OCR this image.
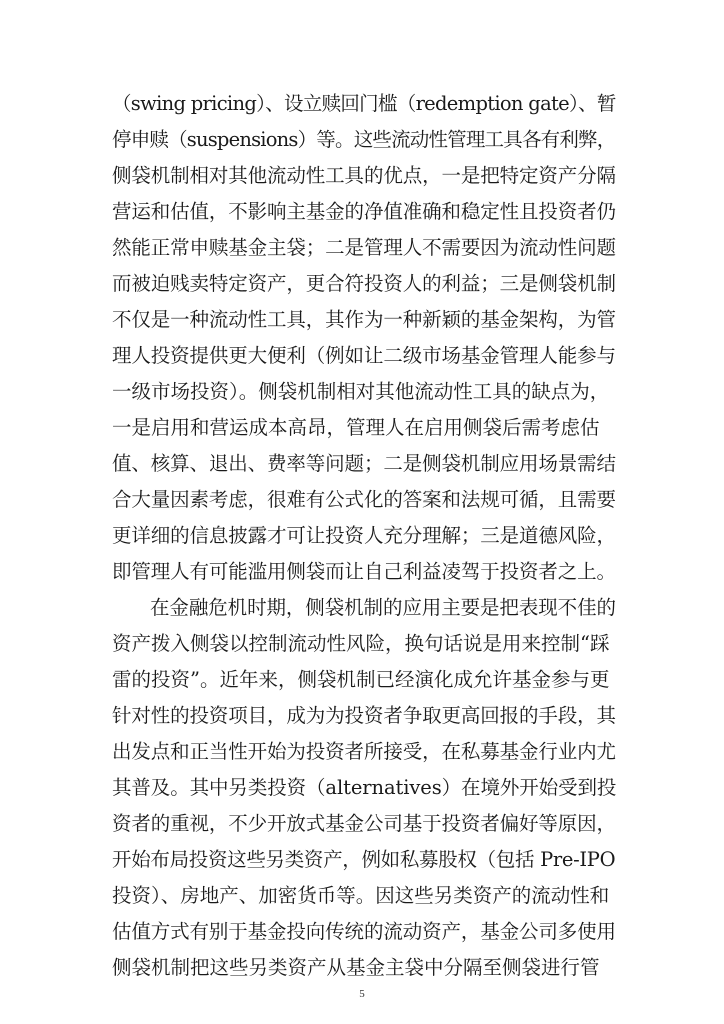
（swing pricing）、设立赎回门槛（redemption gate）、暂
停申赎（suspensions）等。这些流动性管理工具各有利弊，
侧袋机制相对其他流动性工具的优点，一是把特定资产分隔
营运和估值，不影响主基金的净值准确和稳定性且投资者仍
然能正常申赎基金主袋；二是管理人不需要因为流动性问题
而被迫贱卖特定资产，更合符投资人的利益；三是侧袋机制
不仅是一种流动性工具，其作为一种新颖的基金架构，为管
理人投资提供更大便利（例如让二级市场基金管理人能参与
一级市场投资）。侧袋机制相对其他流动性工具的缺点为，
一是启用和营运成本高昂，管理人在启用侧袋后需考虑估
值、核算、退出、费率等问题；二是侧袋机制应用场景需结
合大量因素考虑，很难有公式化的答案和法规可循，且需要
更详细的信息披露才可让投资人充分理解；三是道德风险，
即管理人有可能滥用侧袋而让自己利益凌驾于投资者之上。
在金融危机时期，侧袋机制的应用主要是把表现不佳的
资产拨入侧袋以控制流动性风险，换句话说是用来控制“踩
雷的投资”。近年来，侧袋机制已经演化成允许基金参与更
针对性的投资项目，成为为投资者争取更高回报的手段，其
出发点和正当性开始为投资者所接受，在私募基金行业内尤
其普及。其中另类投资（alternatives）在境外开始受到投
资者的重视，不少开放式基金公司基于投资者偏好等原因，
开始布局投资这些另类资产，例如私募股权（包括 Pre-IPO
投资）、房地产、加密货币等。因这些另类资产的流动性和
估值方式有别于基金投向传统的流动资产，基金公司多使用
侧袋机制把这些另类资产从基金主袋中分隔至侧袋进行管
5
